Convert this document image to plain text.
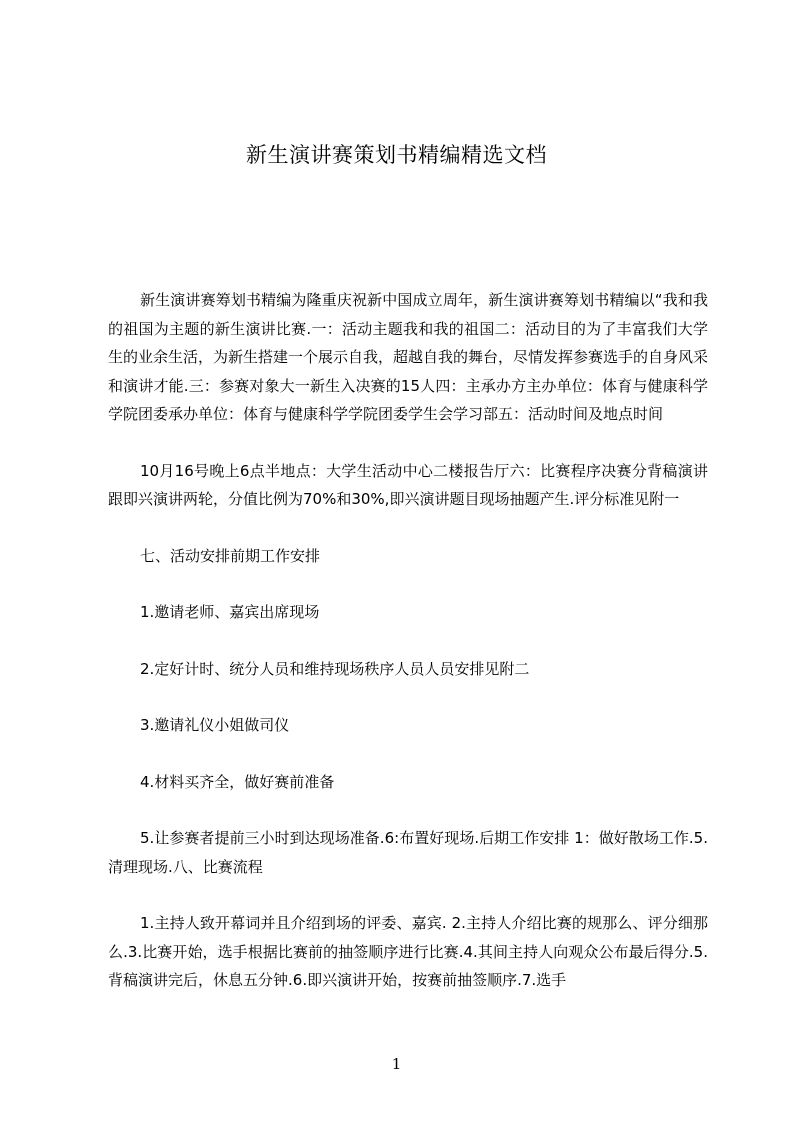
新生演讲赛策划书精编精选文档

新生演讲赛筹划书精编为隆重庆祝新中国成立周年，新生演讲赛筹划书精编以“我和我的祖国为主题的新生演讲比赛.一：活动主题我和我的祖国二：活动目的为了丰富我们大学生的业余生活，为新生搭建一个展示自我，超越自我的舞台，尽情发挥参赛选手的自身风采和演讲才能.三：参赛对象大一新生入决赛的15人四：主承办方主办单位：体育与健康科学学院团委承办单位：体育与健康科学学院团委学生会学习部五：活动时间及地点时间

10月16号晚上6点半地点：大学生活动中心二楼报告厅六：比赛程序决赛分背稿演讲跟即兴演讲两轮，分值比例为70%和30%,即兴演讲题目现场抽题产生.评分标准见附一

七、活动安排前期工作安排

1.邀请老师、嘉宾出席现场

2.定好计时、统分人员和维持现场秩序人员人员安排见附二

3.邀请礼仪小姐做司仪

4.材料买齐全，做好赛前准备

5.让参赛者提前三小时到达现场准备.6:布置好现场.后期工作安排 1：做好散场工作.5.清理现场.八、比赛流程

1.主持人致开幕词并且介绍到场的评委、嘉宾. 2.主持人介绍比赛的规那么、评分细那么.3.比赛开始，选手根据比赛前的抽签顺序进行比赛.4.其间主持人向观众公布最后得分.5.背稿演讲完后，休息五分钟.6.即兴演讲开始，按赛前抽签顺序.7.选手

1
